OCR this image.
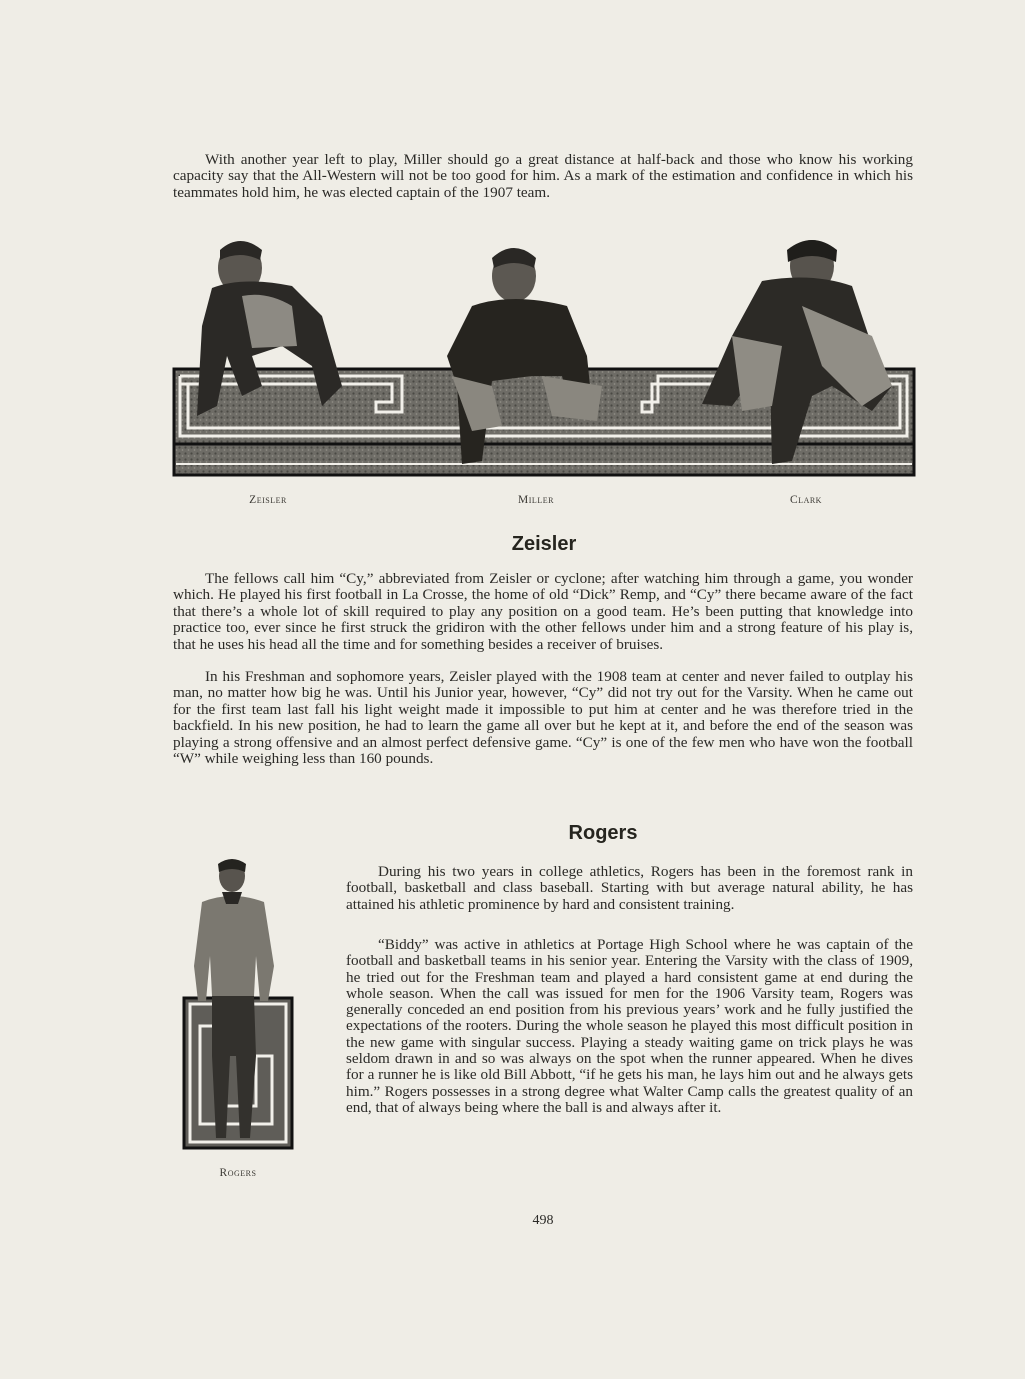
With another year left to play, Miller should go a great distance at half-back and those who know his working capacity say that the All-Western will not be too good for him. As a mark of the estimation and confidence in which his teammates hold him, he was elected captain of the 1907 team.

Zeisler	Miller	Clark
Zeisler

The fellows call him “Cy,” abbreviated from Zeisler or cyclone; after watching him through a game, you wonder which. He played his first football in La Crosse, the home of old “Dick” Remp, and “Cy” there became aware of the fact that there’s a whole lot of skill required to play any position on a good team. He’s been putting that knowledge into practice too, ever since he first struck the gridiron with the other fellows under him and a strong feature of his play is, that he uses his head all the time and for something besides a receiver of bruises.

In his Freshman and sophomore years, Zeisler played with the 1908 team at center and never failed to outplay his man, no matter how big he was. Until his Junior year, however, “Cy” did not try out for the Varsity. When he came out for the first team last fall his light weight made it impossible to put him at center and he was therefore tried in the backfield. In his new position, he had to learn the game all over but he kept at it, and before the end of the season was playing a strong offensive and an almost perfect defensive game. “Cy” is one of the few men who have won the football “W” while weighing less than 160 pounds.

Rogers
Rogers

During his two years in college athletics, Rogers has been in the foremost rank in football, basketball and class baseball. Starting with but average natural ability, he has attained his athletic prominence by hard and consistent training.

“Biddy” was active in athletics at Portage High School where he was captain of the football and basketball teams in his senior year. Entering the Varsity with the class of 1909, he tried out for the Freshman team and played a hard consistent game at end during the whole season. When the call was issued for men for the 1906 Varsity team, Rogers was generally conceded an end position from his previous years’ work and he fully justified the expectations of the rooters. During the whole season he played this most difficult position in the new game with singular success. Playing a steady waiting game on trick plays he was seldom drawn in and so was always on the spot when the runner appeared. When he dives for a runner he is like old Bill Abbott, “if he gets his man, he lays him out and he always gets him.” Rogers possesses in a strong degree what Walter Camp calls the greatest quality of an end, that of always being where the ball is and always after it.

498
